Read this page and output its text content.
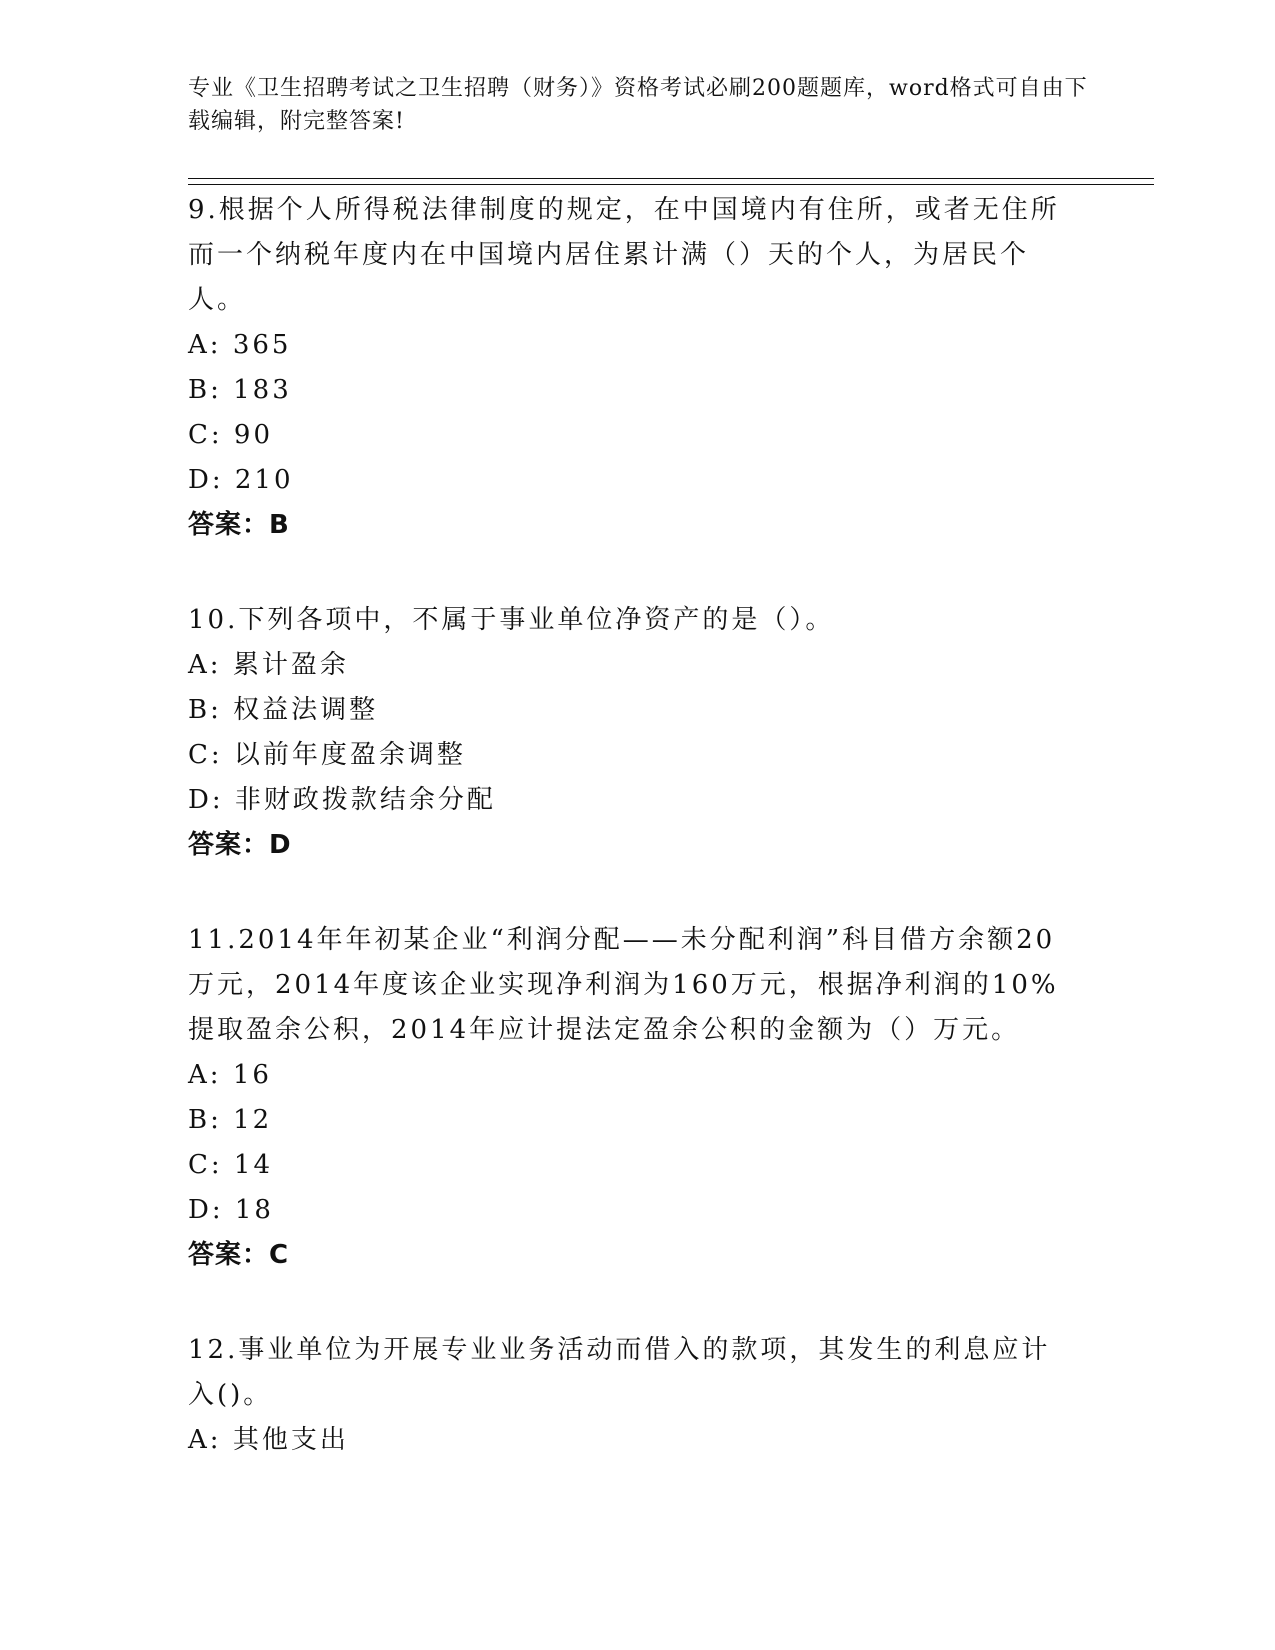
专业《卫生招聘考试之卫生招聘（财务）》资格考试必刷200题题库，word格式可自由下载编辑，附完整答案!

9.根据个人所得税法律制度的规定，在中国境内有住所，或者无住所而一个纳税年度内在中国境内居住累计满（）天的个人，为居民个人。

A: 365

B: 183

C: 90

D: 210

答案：B

10.下列各项中，不属于事业单位净资产的是（）。

A: 累计盈余

B: 权益法调整

C: 以前年度盈余调整

D: 非财政拨款结余分配

答案：D

11.2014年年初某企业“利润分配——未分配利润”科目借方余额20万元，2014年度该企业实现净利润为160万元，根据净利润的10%提取盈余公积，2014年应计提法定盈余公积的金额为（）万元。

A: 16

B: 12

C: 14

D: 18

答案：C

12.事业单位为开展专业业务活动而借入的款项，其发生的利息应计入()。

A: 其他支出
